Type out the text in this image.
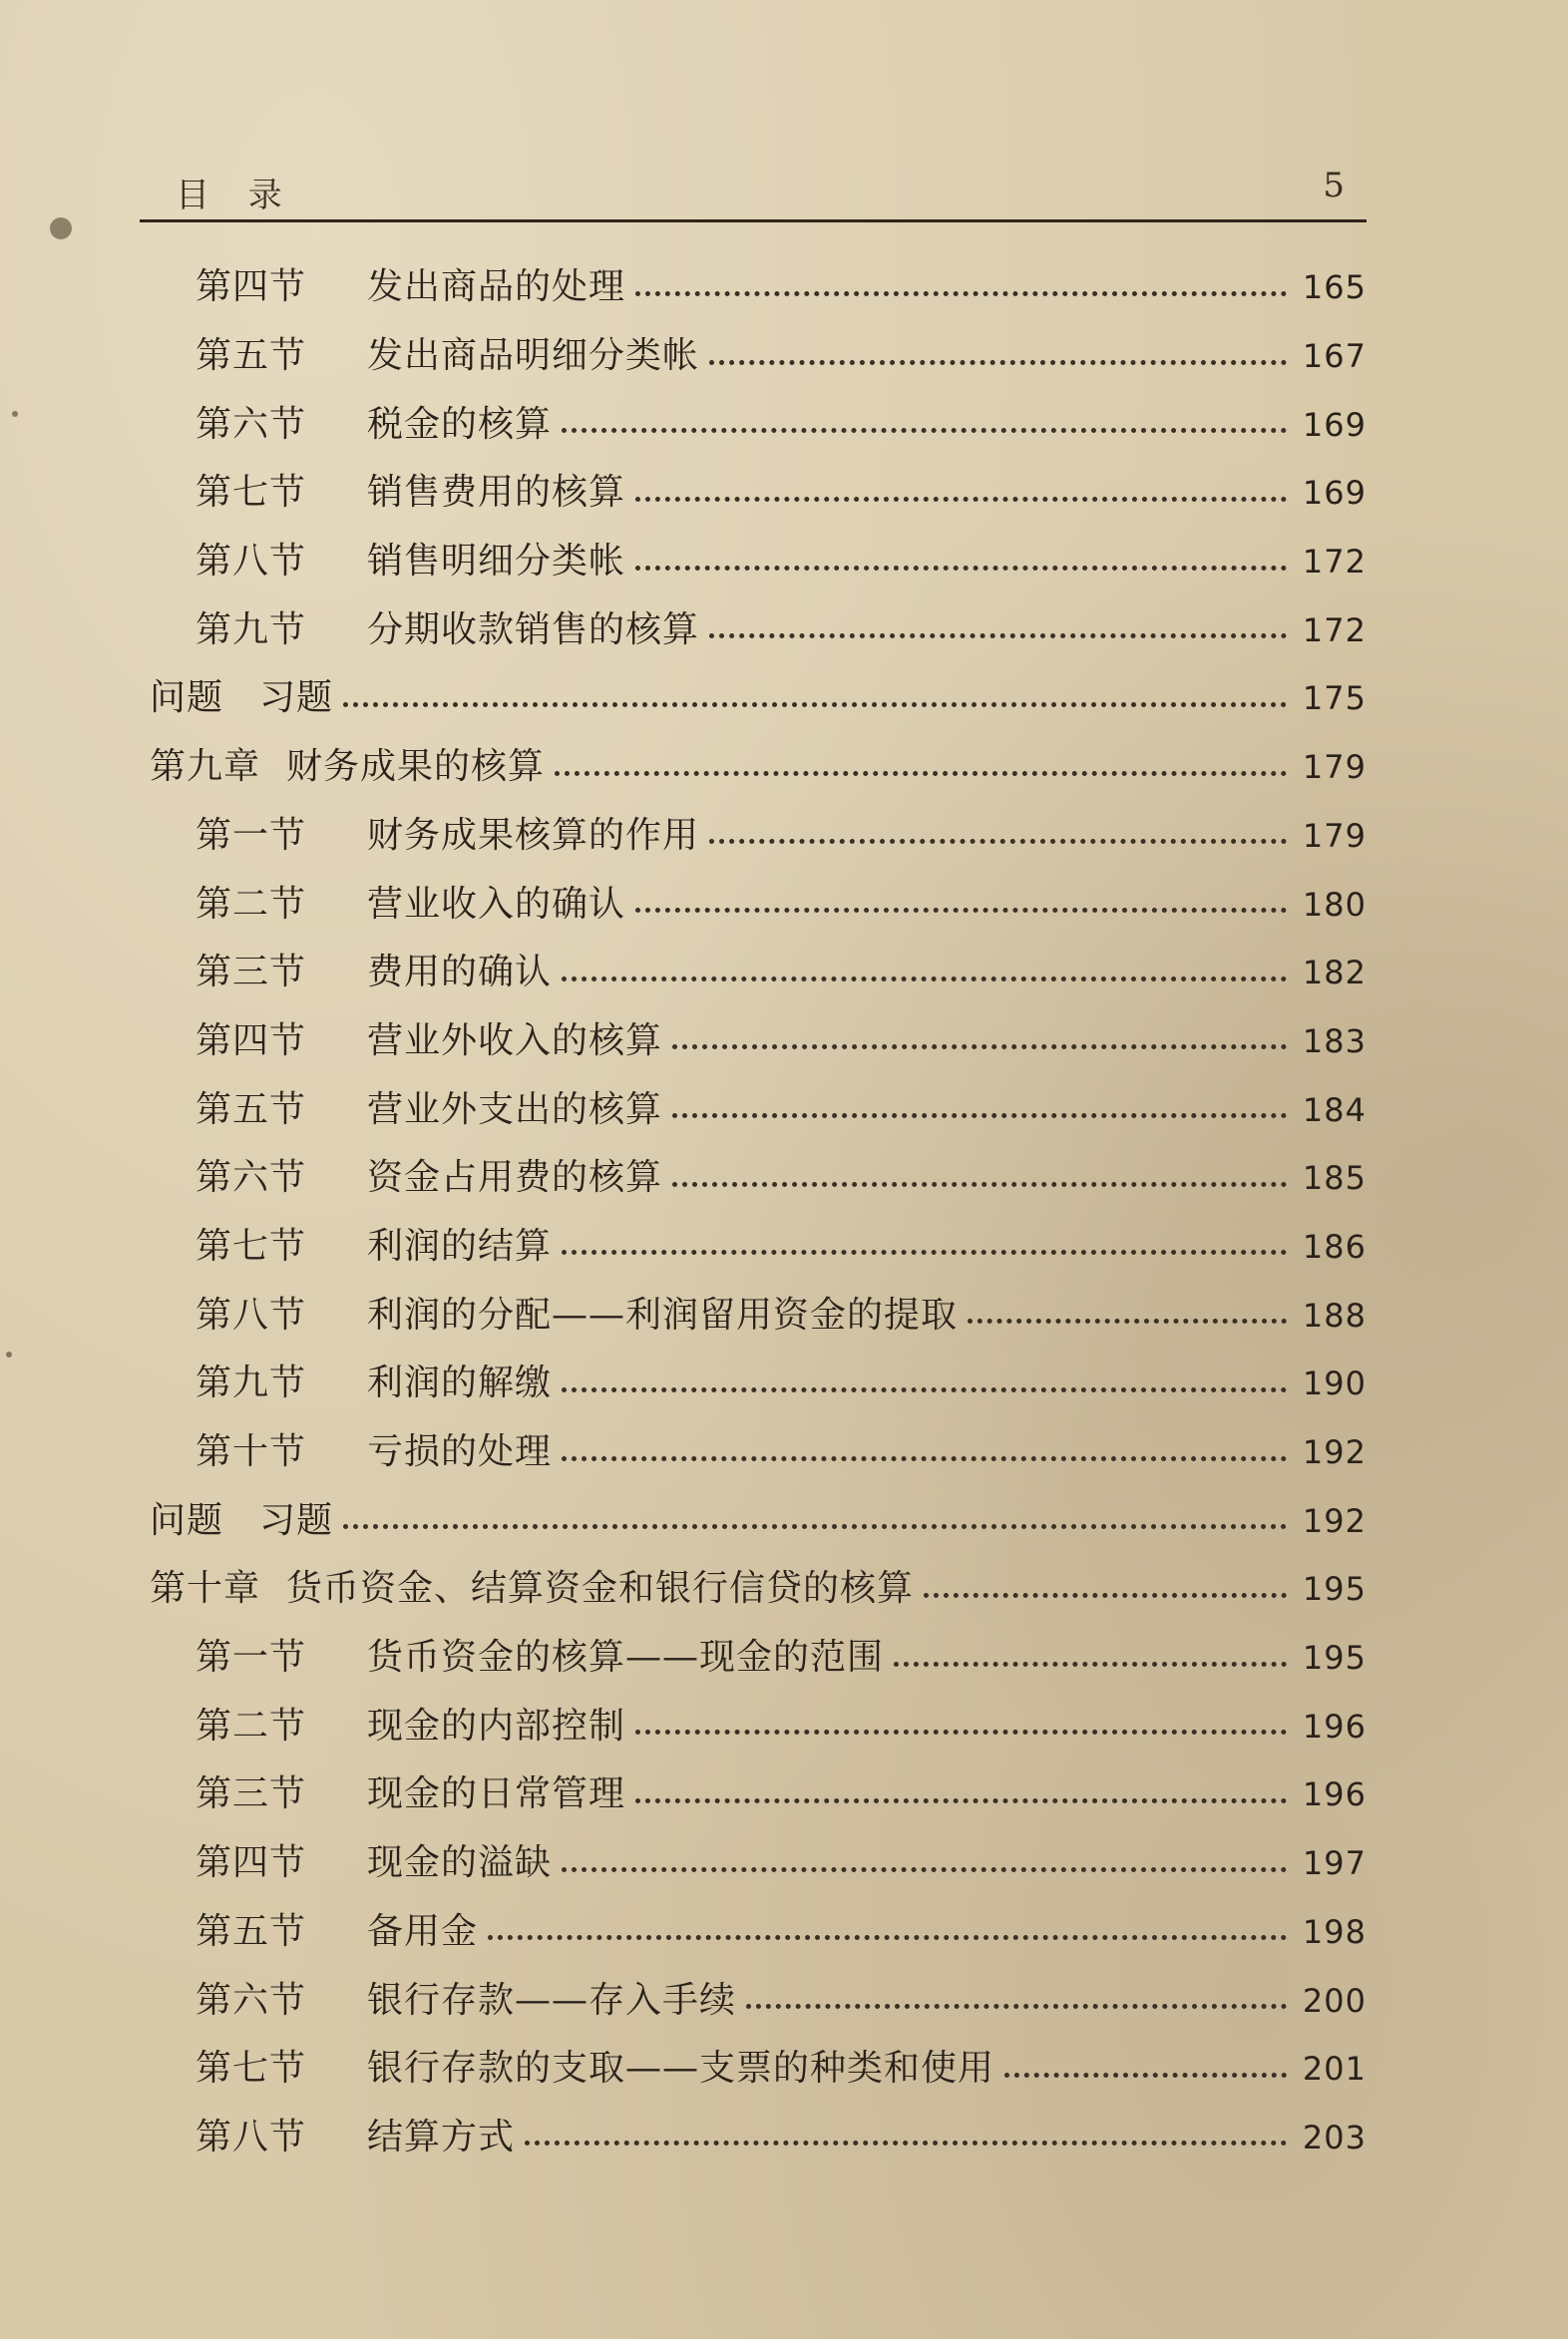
目 录	5
第四节	发出商品的处理	165
第五节	发出商品明细分类帐	167
第六节	税金的核算	169
第七节	销售费用的核算	169
第八节	销售明细分类帐	172
第九节	分期收款销售的核算	172
问题 习题	175
第九章 财务成果的核算	179
第一节	财务成果核算的作用	179
第二节	营业收入的确认	180
第三节	费用的确认	182
第四节	营业外收入的核算	183
第五节	营业外支出的核算	184
第六节	资金占用费的核算	185
第七节	利润的结算	186
第八节	利润的分配——利润留用资金的提取	188
第九节	利润的解缴	190
第十节	亏损的处理	192
问题 习题	192
第十章 货币资金、结算资金和银行信贷的核算	195
第一节	货币资金的核算——现金的范围	195
第二节	现金的内部控制	196
第三节	现金的日常管理	196
第四节	现金的溢缺	197
第五节	备用金	198
第六节	银行存款——存入手续	200
第七节	银行存款的支取——支票的种类和使用	201
第八节	结算方式	203
